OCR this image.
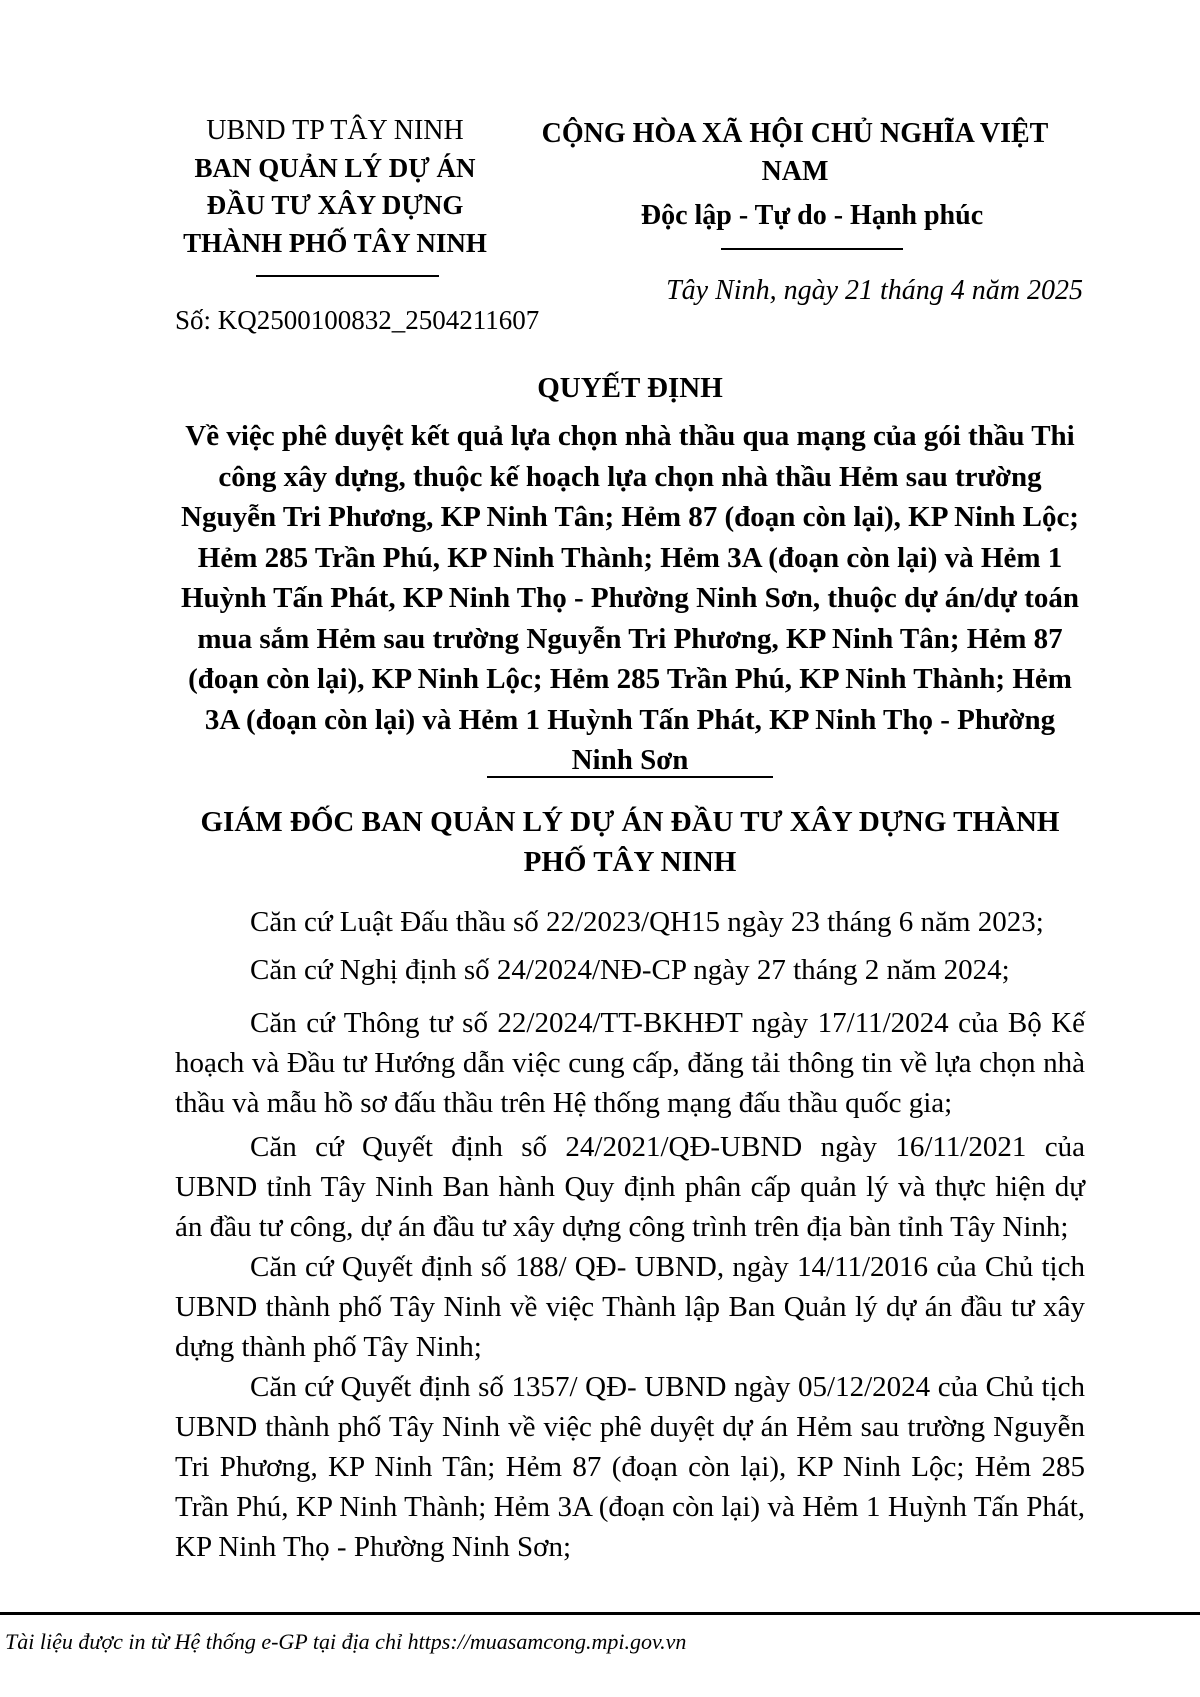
UBND TP TÂY NINH
BAN QUẢN LÝ DỰ ÁN ĐẦU TƯ XÂY DỰNG THÀNH PHỐ TÂY NINH
CỘNG HÒA XÃ HỘI CHỦ NGHĨA VIỆT NAM
Độc lập - Tự do - Hạnh phúc
Tây Ninh, ngày 21 tháng 4 năm 2025
Số: KQ2500100832_2504211607
QUYẾT ĐỊNH
Về việc phê duyệt kết quả lựa chọn nhà thầu qua mạng của gói thầu Thi công xây dựng, thuộc kế hoạch lựa chọn nhà thầu Hẻm sau trường Nguyễn Tri Phương, KP Ninh Tân; Hẻm 87 (đoạn còn lại), KP Ninh Lộc; Hẻm 285 Trần Phú, KP Ninh Thành; Hẻm 3A (đoạn còn lại) và Hẻm 1 Huỳnh Tấn Phát, KP Ninh Thọ - Phường Ninh Sơn, thuộc dự án/dự toán mua sắm Hẻm sau trường Nguyễn Tri Phương, KP Ninh Tân; Hẻm 87 (đoạn còn lại), KP Ninh Lộc; Hẻm 285 Trần Phú, KP Ninh Thành; Hẻm 3A (đoạn còn lại) và Hẻm 1 Huỳnh Tấn Phát, KP Ninh Thọ - Phường Ninh Sơn
GIÁM ĐỐC BAN QUẢN LÝ DỰ ÁN ĐẦU TƯ XÂY DỰNG THÀNH PHỐ TÂY NINH

Căn cứ Luật Đấu thầu số 22/2023/QH15 ngày 23 tháng 6 năm 2023;

Căn cứ Nghị định số 24/2024/NĐ-CP ngày 27 tháng 2 năm 2024;

Căn cứ Thông tư số 22/2024/TT-BKHĐT ngày 17/11/2024 của Bộ Kế hoạch và Đầu tư Hướng dẫn việc cung cấp, đăng tải thông tin về lựa chọn nhà thầu và mẫu hồ sơ đấu thầu trên Hệ thống mạng đấu thầu quốc gia;

Căn cứ Quyết định số 24/2021/QĐ-UBND ngày 16/11/2021 của UBND tỉnh Tây Ninh Ban hành Quy định phân cấp quản lý và thực hiện dự án đầu tư công, dự án đầu tư xây dựng công trình trên địa bàn tỉnh Tây Ninh;

Căn cứ Quyết định số 188/ QĐ- UBND, ngày 14/11/2016 của Chủ tịch UBND thành phố Tây Ninh về việc Thành lập Ban Quản lý dự án đầu tư xây dựng thành phố Tây Ninh;

Căn cứ Quyết định số 1357/ QĐ- UBND ngày 05/12/2024 của Chủ tịch UBND thành phố Tây Ninh về việc phê duyệt dự án Hẻm sau trường Nguyễn Tri Phương, KP Ninh Tân; Hẻm 87 (đoạn còn lại), KP Ninh Lộc; Hẻm 285 Trần Phú, KP Ninh Thành; Hẻm 3A (đoạn còn lại) và Hẻm 1 Huỳnh Tấn Phát, KP Ninh Thọ - Phường Ninh Sơn;

Tài liệu được in từ Hệ thống e-GP tại địa chỉ https://muasamcong.mpi.gov.vn
